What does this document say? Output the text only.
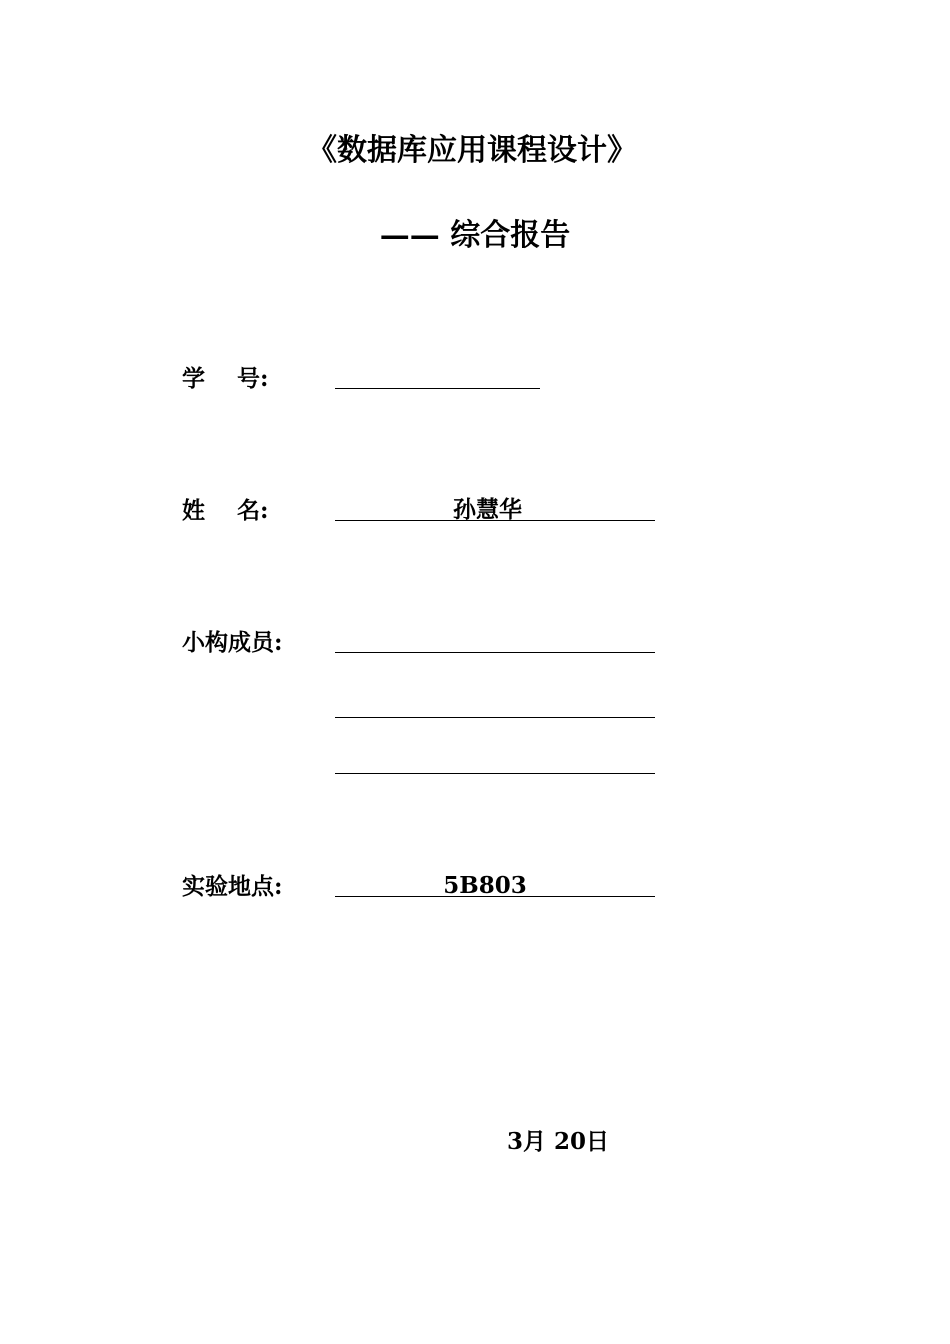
《数据库应用课程设计》
—— 综合报告
学    号:
姓    名:	孙慧华
小构成员:
实验地点:	5B803
3月 20日
